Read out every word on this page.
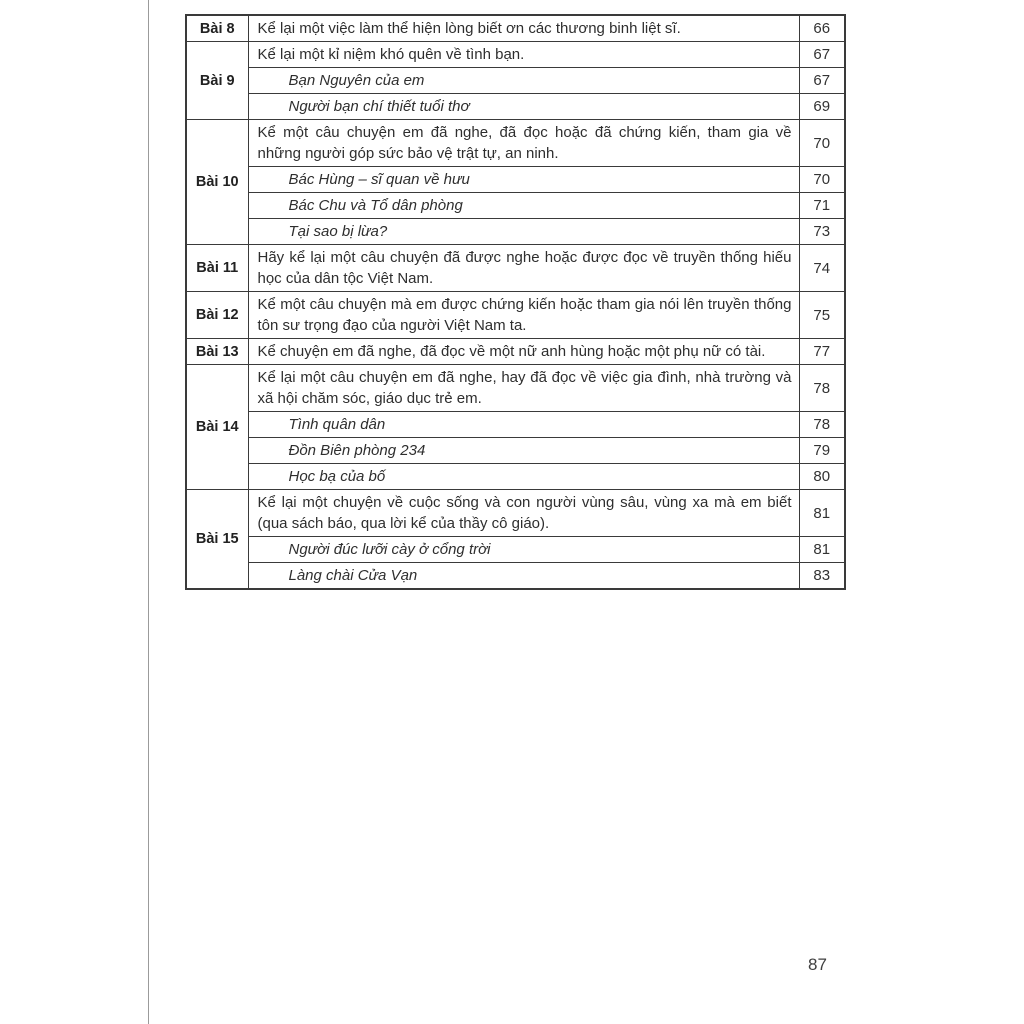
Bài 8	Kể lại một việc làm thể hiện lòng biết ơn các thương binh liệt sĩ.	66
Bài 9	Kể lại một kỉ niệm khó quên về tình bạn.	67
	Bạn Nguyên của em	67
	Người bạn chí thiết tuổi thơ	69
Bài 10	Kể một câu chuyện em đã nghe, đã đọc hoặc đã chứng kiến, tham gia về những người góp sức bảo vệ trật tự, an ninh.	70
	Bác Hùng – sĩ quan về hưu	70
	Bác Chu và Tổ dân phòng	71
	Tại sao bị lừa?	73
Bài 11	Hãy kể lại một câu chuyện đã được nghe hoặc được đọc về truyền thống hiếu học của dân tộc Việt Nam.	74
Bài 12	Kể một câu chuyện mà em được chứng kiến hoặc tham gia nói lên truyền thống tôn sư trọng đạo của người Việt Nam ta.	75
Bài 13	Kể chuyện em đã nghe, đã đọc về một nữ anh hùng hoặc một phụ nữ có tài.	77
Bài 14	Kể lại một câu chuyện em đã nghe, hay đã đọc về việc gia đình, nhà trường và xã hội chăm sóc, giáo dục trẻ em.	78
	Tình quân dân	78
	Đồn Biên phòng 234	79
	Học bạ của bố	80
Bài 15	Kể lại một chuyện về cuộc sống và con người vùng sâu, vùng xa mà em biết (qua sách báo, qua lời kể của thầy cô giáo).	81
	Người đúc lưỡi cày ở cổng trời	81
	Làng chài Cửa Vạn	83
87
